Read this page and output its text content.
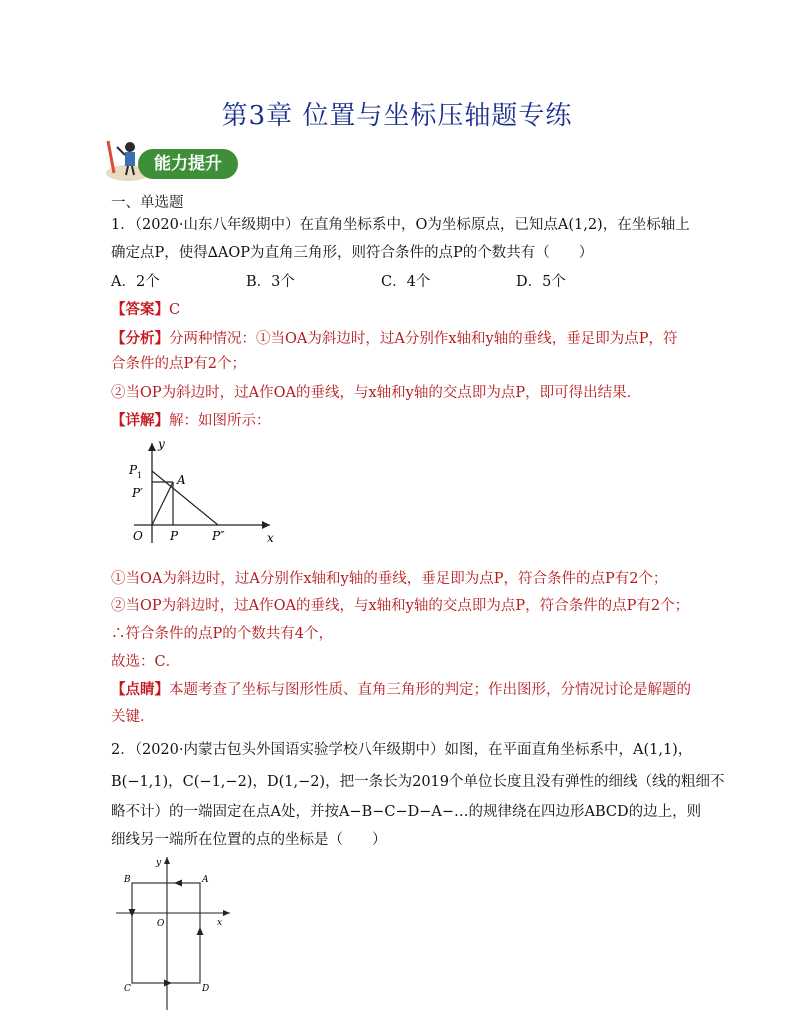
第3章 位置与坐标压轴题专练
能力提升
一、单选题
1．（2020·山东八年级期中）在直角坐标系中，O为坐标原点，已知点A(1,2)，在坐标轴上
确定点P，使得∆AOP为直角三角形，则符合条件的点P的个数共有（　　）
A．2个	B．3个	C．4个	D．5个
【答案】C
【分析】分两种情况：①当OA为斜边时，过A分别作x轴和y轴的垂线，垂足即为点P，符
合条件的点P有2个；
②当OP为斜边时，过A作OA的垂线，与x轴和y轴的交点即为点P，即可得出结果．
【详解】解：如图所示：
y
x
O
A
P
P 1
P′
P″
①当OA为斜边时，过A分别作x轴和y轴的垂线，垂足即为点P，符合条件的点P有2个；
②当OP为斜边时，过A作OA的垂线，与x轴和y轴的交点即为点P，符合条件的点P有2个；
∴符合条件的点P的个数共有4个，
故选：C．
【点睛】本题考查了坐标与图形性质、直角三角形的判定；作出图形，分情况讨论是解题的
关键．
2．（2020·内蒙古包头外国语实验学校八年级期中）如图，在平面直角坐标系中，A(1,1)，
B(−1,1)，C(−1,−2)，D(1,−2)，把一条长为2019个单位长度且没有弹性的细线（线的粗细不
略不计）的一端固定在点A处，并按A−B−C−D−A−…的规律绕在四边形ABCD的边上，则
细线另一端所在位置的点的坐标是（　　）
y
x
O
A
B
C	D
